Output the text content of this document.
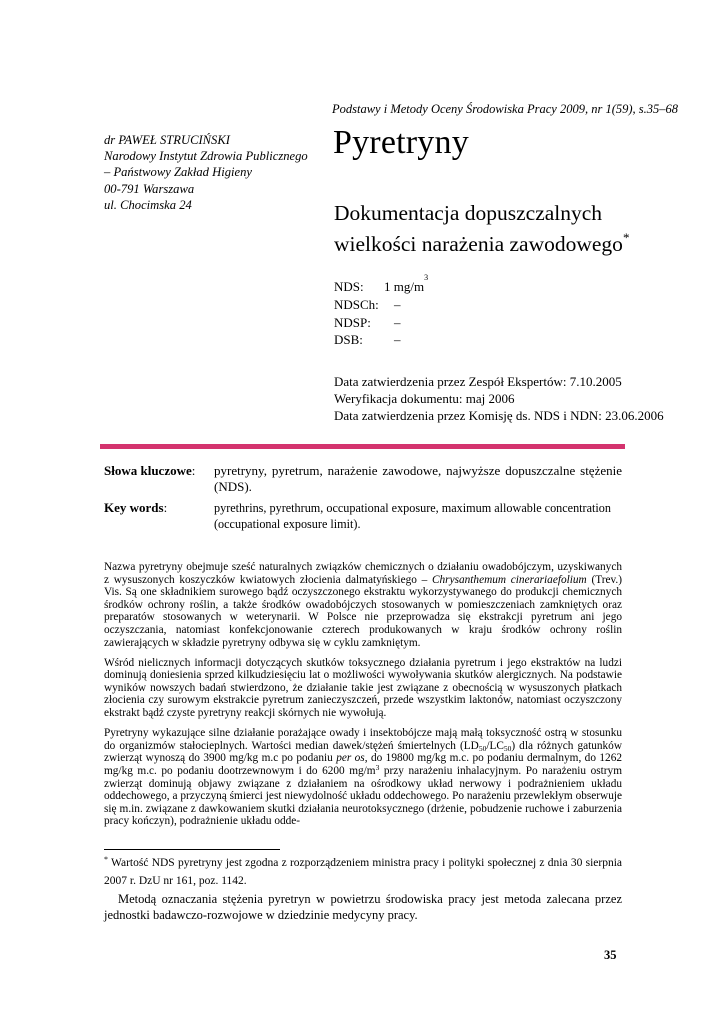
Podstawy i Metody Oceny Środowiska Pracy 2009, nr 1(59), s.35–68
dr PAWEŁ STRUCIŃSKI
Narodowy Instytut Zdrowia Publicznego
– Państwowy Zakład Higieny
00-791 Warszawa
ul. Chocimska 24
Pyretryny
Dokumentacja dopuszczalnych
wielkości narażenia zawodowego*
NDS:	1 mg/m
3
NDSCh:	–
NDSP:	–
DSB:	–
Data zatwierdzenia przez Zespół Ekspertów: 7.10.2005
Weryfikacja dokumentu: maj 2006
Data zatwierdzenia przez Komisję ds. NDS i NDN: 23.06.2006
Słowa kluczowe: pyretryny, pyretrum, narażenie zawodowe, najwyższe dopuszczalne stężenie (NDS).
Key words:	pyrethrins, pyrethrum, occupational exposure, maximum allowable concentration (occupational exposure limit).

Nazwa pyretryny obejmuje sześć naturalnych związków chemicznych o działaniu owadobójczym, uzyskiwanych z wysuszonych koszyczków kwiatowych złocienia dalmatyńskiego – Chrysanthemum cinerariaefolium (Trev.) Vis. Są one składnikiem surowego bądź oczyszczonego ekstraktu wykorzystywanego do produkcji chemicznych środków ochrony roślin, a także środków owadobójczych stosowanych w pomieszczeniach zamkniętych oraz preparatów stosowanych w weterynarii. W Polsce nie przeprowadza się ekstrakcji pyretrum ani jego oczyszczania, natomiast konfekcjonowanie czterech produkowanych w kraju środków ochrony roślin zawierających w składzie pyretryny odbywa się w cyklu zamkniętym.

Wśród nielicznych informacji dotyczących skutków toksycznego działania pyretrum i jego ekstraktów na ludzi dominują doniesienia sprzed kilkudziesięciu lat o możliwości wywoływania skutków alergicznych. Na podstawie wyników nowszych badań stwierdzono, że działanie takie jest związane z obecnością w wysuszonych płatkach złocienia czy surowym ekstrakcie pyretrum zanieczyszczeń, przede wszystkim laktonów, natomiast oczyszczony ekstrakt bądź czyste pyretryny reakcji skórnych nie wywołują.

Pyretryny wykazujące silne działanie porażające owady i insektobójcze mają małą toksyczność ostrą w stosunku do organizmów stałocieplnych. Wartości median dawek/stężeń śmiertelnych $(LD_{50}/LC_{50})$ dla różnych gatunków zwierząt wynoszą do 3900 mg/kg m.c po podaniu per os, do 19800 mg/kg m.c. po podaniu dermalnym, do 1262 mg/kg m.c. po podaniu dootrzewnowym i do 6200 $mg/m^3$ przy narażeniu inhalacyjnym. Po narażeniu ostrym zwierząt dominują objawy związane z działaniem na ośrodkowy układ nerwowy i podrażnieniem układu oddechowego, a przyczyną śmierci jest niewydolność układu oddechowego. Po narażeniu przewlekłym obserwuje się m.in. związane z dawkowaniem skutki działania neurotoksycznego (drżenie, pobudzenie ruchowe i zaburzenia pracy kończyn), podrażnienie układu odde-

* Wartość NDS pyretryny jest zgodna z rozporządzeniem ministra pracy i polityki społecznej z dnia 30 sierpnia 2007 r. DzU nr 161, poz. 1142.
Metodą oznaczania stężenia pyretryn w powietrzu środowiska pracy jest metoda zalecana przez jednostki badawczo-rozwojowe w dziedzinie medycyny pracy.
35
